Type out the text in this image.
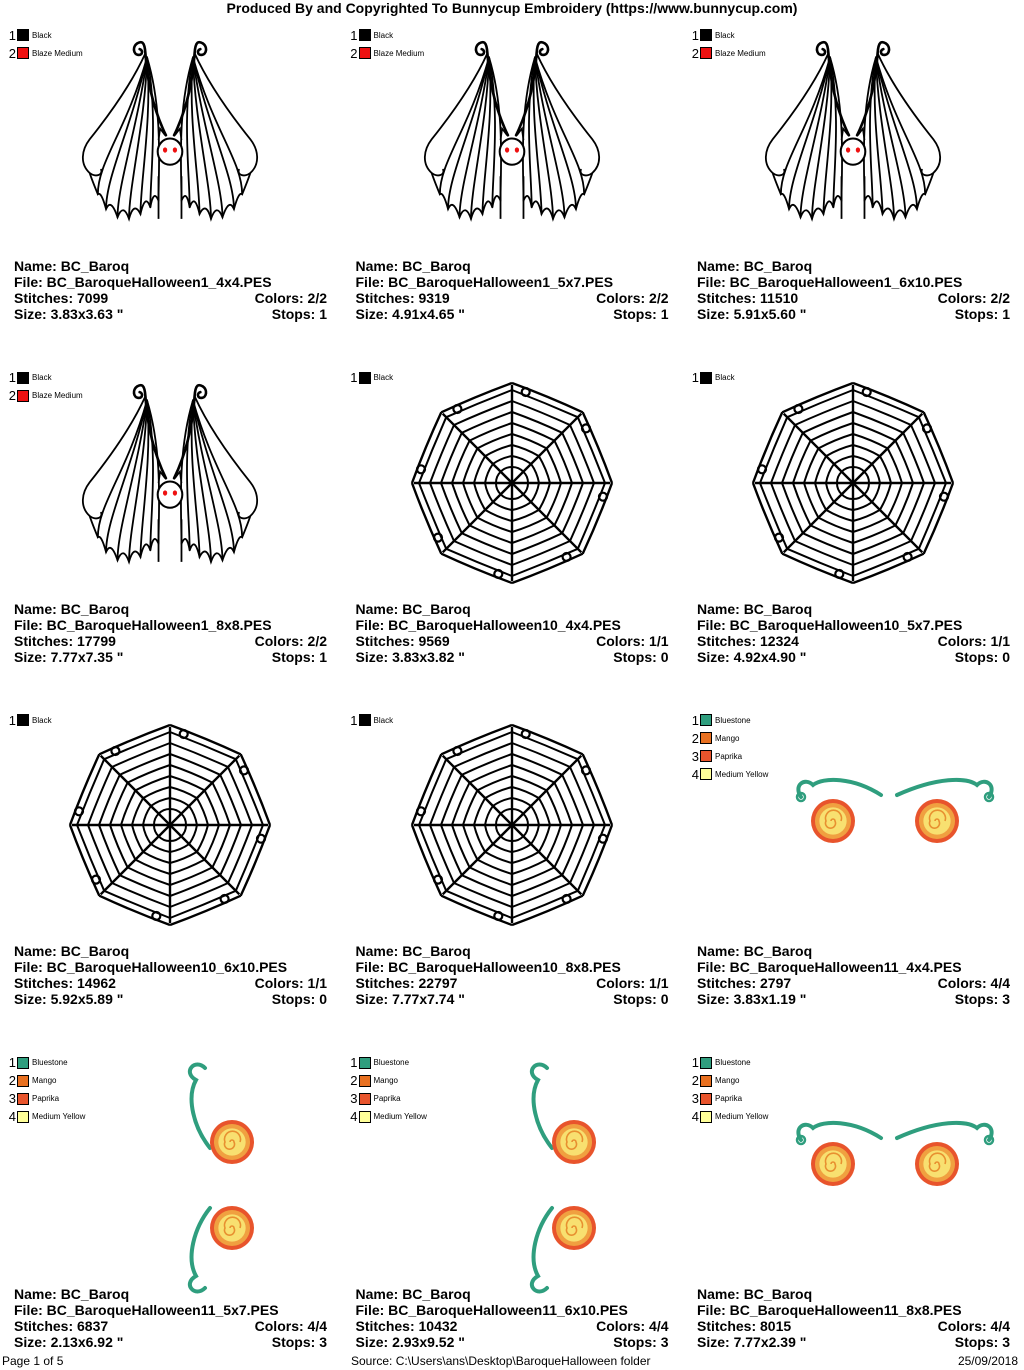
Produced By and Copyrighted To Bunnycup Embroidery (https://www.bunnycup.com)
1 Black
2 Blaze Medium
Name: BC_Baroq
File: BC_BaroqueHalloween1_4x4.PES
Stitches: 7099	Colors: 2/2
Size: 3.83x3.63 "	Stops: 1
1 Black
2 Blaze Medium
Name: BC_Baroq
File: BC_BaroqueHalloween1_5x7.PES
Stitches: 9319	Colors: 2/2
Size: 4.91x4.65 "	Stops: 1
1 Black
2 Blaze Medium
Name: BC_Baroq
File: BC_BaroqueHalloween1_6x10.PES
Stitches: 11510	Colors: 2/2
Size: 5.91x5.60 "	Stops: 1
1 Black
2 Blaze Medium
Name: BC_Baroq
File: BC_BaroqueHalloween1_8x8.PES
Stitches: 17799	Colors: 2/2
Size: 7.77x7.35 "	Stops: 1
1 Black
Name: BC_Baroq
File: BC_BaroqueHalloween10_4x4.PES
Stitches: 9569	Colors: 1/1
Size: 3.83x3.82 "	Stops: 0
1 Black
Name: BC_Baroq
File: BC_BaroqueHalloween10_5x7.PES
Stitches: 12324	Colors: 1/1
Size: 4.92x4.90 "	Stops: 0
1 Black
Name: BC_Baroq
File: BC_BaroqueHalloween10_6x10.PES
Stitches: 14962	Colors: 1/1
Size: 5.92x5.89 "	Stops: 0
1 Black
Name: BC_Baroq
File: BC_BaroqueHalloween10_8x8.PES
Stitches: 22797	Colors: 1/1
Size: 7.77x7.74 "	Stops: 0
1 Bluestone
2 Mango
3 Paprika
4 Medium Yellow
Name: BC_Baroq
File: BC_BaroqueHalloween11_4x4.PES
Stitches: 2797	Colors: 4/4
Size: 3.83x1.19 "	Stops: 3
1 Bluestone
2 Mango
3 Paprika
4 Medium Yellow
Name: BC_Baroq
File: BC_BaroqueHalloween11_5x7.PES
Stitches: 6837	Colors: 4/4
Size: 2.13x6.92 "	Stops: 3
1 Bluestone
2 Mango
3 Paprika
4 Medium Yellow
Name: BC_Baroq
File: BC_BaroqueHalloween11_6x10.PES
Stitches: 10432	Colors: 4/4
Size: 2.93x9.52 "	Stops: 3
1 Bluestone
2 Mango
3 Paprika
4 Medium Yellow
Name: BC_Baroq
File: BC_BaroqueHalloween11_8x8.PES
Stitches: 8015	Colors: 4/4
Size: 7.77x2.39 "	Stops: 3
Page 1 of 5	Source: C:\Users\ans\Desktop\BaroqueHalloween folder	25/09/2018
